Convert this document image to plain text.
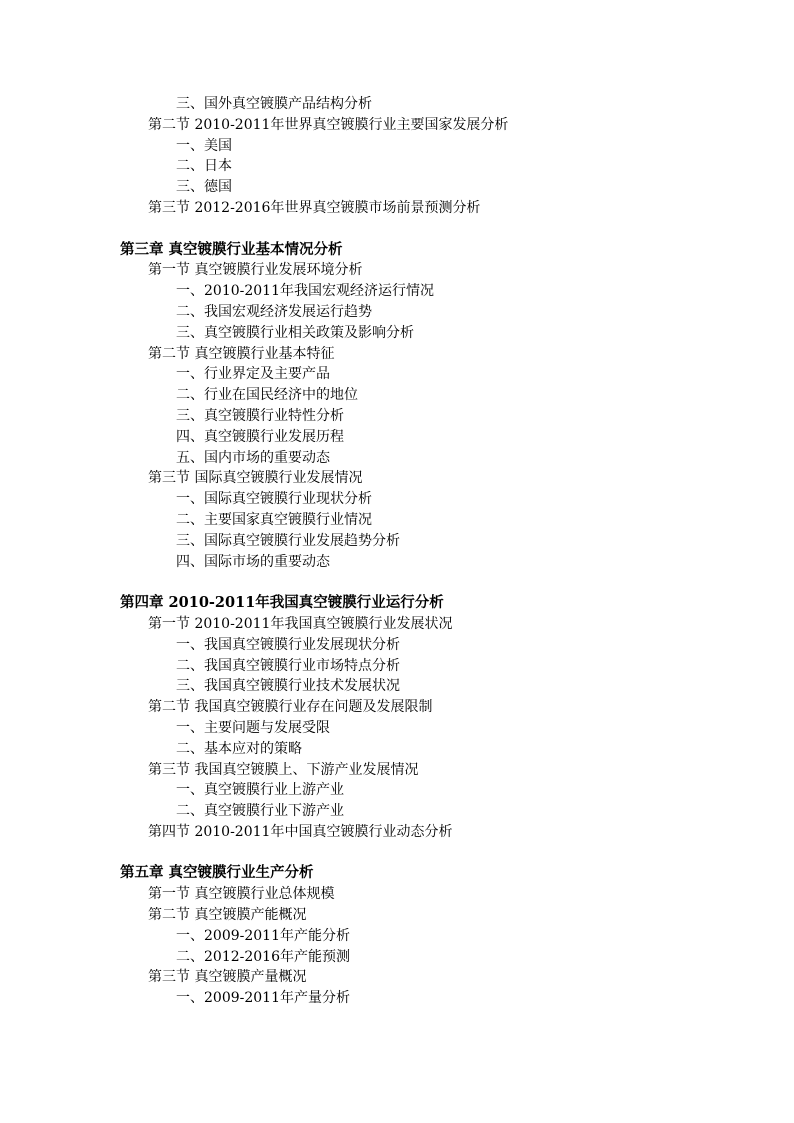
三、国外真空镀膜产品结构分析
第二节 2010-2011年世界真空镀膜行业主要国家发展分析
一、美国
二、日本
三、德国
第三节 2012-2016年世界真空镀膜市场前景预测分析
第三章 真空镀膜行业基本情况分析
第一节 真空镀膜行业发展环境分析
一、2010-2011年我国宏观经济运行情况
二、我国宏观经济发展运行趋势
三、真空镀膜行业相关政策及影响分析
第二节 真空镀膜行业基本特征
一、行业界定及主要产品
二、行业在国民经济中的地位
三、真空镀膜行业特性分析
四、真空镀膜行业发展历程
五、国内市场的重要动态
第三节 国际真空镀膜行业发展情况
一、国际真空镀膜行业现状分析
二、主要国家真空镀膜行业情况
三、国际真空镀膜行业发展趋势分析
四、国际市场的重要动态
第四章 2010-2011年我国真空镀膜行业运行分析
第一节 2010-2011年我国真空镀膜行业发展状况
一、我国真空镀膜行业发展现状分析
二、我国真空镀膜行业市场特点分析
三、我国真空镀膜行业技术发展状况
第二节 我国真空镀膜行业存在问题及发展限制
一、主要问题与发展受限
二、基本应对的策略
第三节 我国真空镀膜上、下游产业发展情况
一、真空镀膜行业上游产业
二、真空镀膜行业下游产业
第四节 2010-2011年中国真空镀膜行业动态分析
第五章 真空镀膜行业生产分析
第一节 真空镀膜行业总体规模
第二节 真空镀膜产能概况
一、2009-2011年产能分析
二、2012-2016年产能预测
第三节 真空镀膜产量概况
一、2009-2011年产量分析
